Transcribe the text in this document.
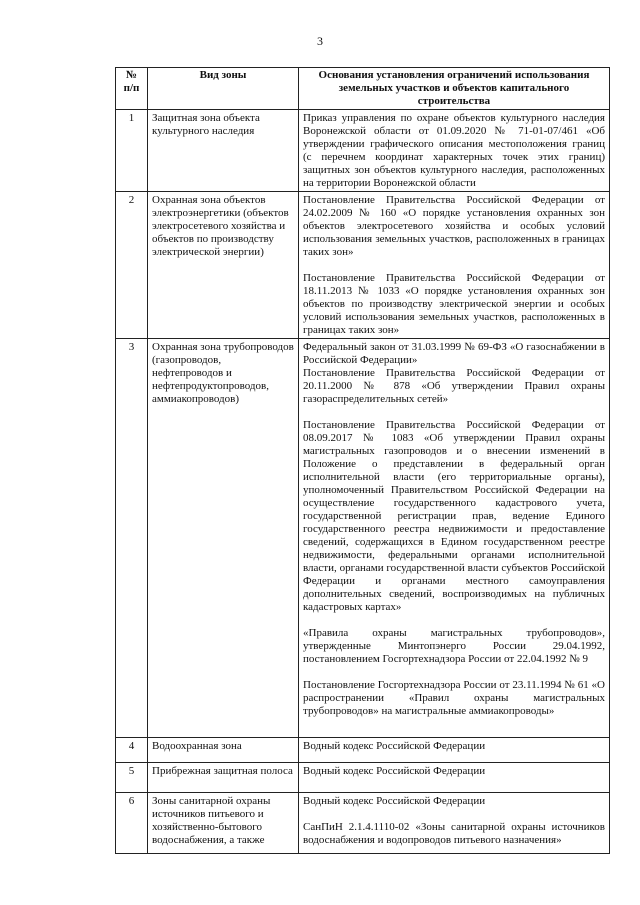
3
№ п/п	Вид зоны	Основания установления ограничений использования земельных участков и объектов капитального строительства
1	Защитная зона объекта культурного наследия	Приказ управления по охране объектов культурного наследия Воронежской области от 01.09.2020 № 71-01-07/461 «Об утверждении графического описания местоположения границ (с перечнем координат характерных точек этих границ) защитных зон объектов культурного наследия, расположенных на территории Воронежской области

2	Охранная зона объектов электроэнергетики (объектов электросетевого хозяйства и объектов по производству электрической энергии)	Постановление Правительства Российской Федерации от 24.02.2009 № 160 «О порядке установления охранных зон объектов электросетевого хозяйства и особых условий использования земельных участков, расположенных в границах таких зон»
Постановление Правительства Российской Федерации от 18.11.2013 № 1033 «О порядке установления охранных зон объектов по производству электрической энергии и особых условий использования земельных участков, расположенных в границах таких зон»

3	Охранная зона трубопроводов (газопроводов, нефтепроводов и нефтепродуктопроводов, аммиакопроводов)	Федеральный закон от 31.03.1999 № 69-ФЗ «О газоснабжении в Российской Федерации»
Постановление Правительства Российской Федерации от 20.11.2000 № 878 «Об утверждении Правил охраны газораспределительных сетей»
Постановление Правительства Российской Федерации от 08.09.2017 № 1083 «Об утверждении Правил охраны магистральных газопроводов и о внесении изменений в Положение о представлении в федеральный орган исполнительной власти (его территориальные органы), уполномоченный Правительством Российской Федерации на осуществление государственного кадастрового учета, государственной регистрации прав, ведение Единого государственного реестра недвижимости и предоставление сведений, содержащихся в Едином государственном реестре недвижимости, федеральными органами исполнительной власти, органами государственной власти субъектов Российской Федерации и органами местного самоуправления дополнительных сведений, воспроизводимых на публичных кадастровых картах»
«Правила охраны магистральных трубопроводов», утвержденные Минтопэнерго России 29.04.1992, постановлением Госгортехнадзора России от 22.04.1992 № 9
Постановление Госгортехнадзора России от 23.11.1994 № 61 «О распространении «Правил охраны магистральных трубопроводов» на магистральные аммиакопроводы»

4	Водоохранная зона	Водный кодекс Российской Федерации

5	Прибрежная защитная полоса	Водный кодекс Российской Федерации

6	Зоны санитарной охраны источников питьевого и хозяйственно-бытового водоснабжения, а также	Водный кодекс Российской Федерации
СанПиН 2.1.4.1110-02 «Зоны санитарной охраны источников водоснабжения и водопроводов питьевого назначения»
